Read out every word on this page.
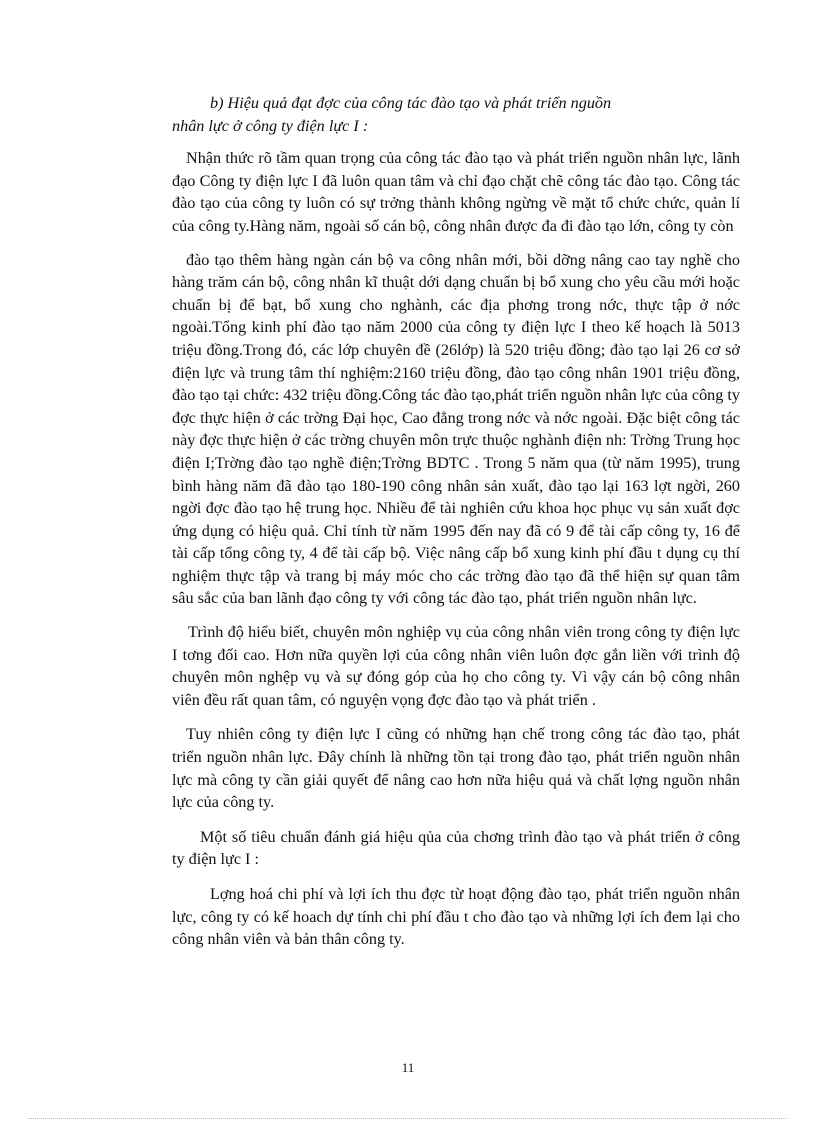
b) Hiệu quả đạt đợc của công tác đào tạo và phát triển nguồn
nhân lực ở công ty điện lực I :

Nhận thức rõ tầm quan trọng của công tác đào tạo và phát triển nguồn nhân lực, lãnh đạo Công ty điện lực I đã luôn quan tâm và chỉ đạo chặt chẽ công tác đào tạo. Công tác đào tạo của công ty luôn có sự trởng thành không ngừng về mặt tổ chức chức, quản lí của công ty.Hàng năm, ngoài số cán bộ, công nhân được đa đi đào tạo lớn, công ty còn

đào tạo thêm hàng ngàn cán bộ va công nhân mới, bồi dỡng nâng cao tay nghề cho hàng trăm cán bộ, công nhân kĩ thuật dới dạng chuẩn bị bổ xung cho yêu cầu mới hoặc chuẩn bị để bạt, bổ xung cho nghành, các địa phơng trong nớc, thực tập ở nớc ngoài.Tổng kinh phí đào tạo năm 2000 của công ty điện lực I theo kế hoạch là 5013 triệu đồng.Trong đó, các lớp chuyên đề (26lớp) là 520 triệu đồng; đào tạo lại 26 cơ sở điện lực và trung tâm thí nghiệm:2160 triệu đồng, đào tạo công nhân 1901 triệu đồng, đào tạo tại chức: 432 triệu đồng.Công tác đào tạo,phát triển nguồn nhân lực của công ty đợc thực hiện ở các trờng Đại học, Cao đẳng trong nớc và nớc ngoài. Đặc biệt công tác này đợc thực hiện ở các trờng chuyên môn trực thuộc nghành điện nh: Trờng Trung học điện I;Trờng đào tạo nghề điện;Trờng BDTC . Trong 5 năm qua (từ năm 1995), trung bình hàng năm đã đào tạo 180-190 công nhân sản xuất, đào tạo lại 163 lợt ngời, 260 ngời đợc đào tạo hệ trung học. Nhiều để tài nghiên cứu khoa học phục vụ sản xuất đợc ứng dụng có hiệu quả. Chỉ tính từ năm 1995 đến nay đã có 9 để tài cấp công ty, 16 để tài cấp tổng công ty, 4 để tài cấp bộ. Việc nâng cấp bổ xung kinh phí đầu t dụng cụ thí nghiệm thực tập và trang bị máy móc cho các trờng đào tạo đã thể hiện sự quan tâm sâu sắc của ban lãnh đạo công ty với công tác đào tạo, phát triển nguồn nhân lực.

Trình độ hiểu biết, chuyên môn nghiệp vụ của công nhân viên trong công ty điện lực I tơng đối cao. Hơn nữa quyền lợi của công nhân viên luôn đợc gắn liền với trình độ chuyên môn nghệp vụ và sự đóng góp của họ cho công ty. Vì vậy cán bộ công nhân viên đều rất quan tâm, có nguyện vọng đợc đào tạo và phát triển .

Tuy nhiên công ty điện lực I cũng có những hạn chế trong công tác đào tạo, phát triển nguồn nhân lực. Đây chính là những tồn tại trong đào tạo, phát triển nguồn nhân lực mà công ty cần giải quyết để nâng cao hơn nữa hiệu quả và chất lợng nguồn nhân lực của công ty.

Một số tiêu chuẩn đánh giá hiệu qủa của chơng trình đào tạo và phát triển ở công ty điện lực I :

Lợng hoá chi phí và lợi ích thu đợc từ hoạt động đào tạo, phát triển nguồn nhân lực, công ty có kế hoach dự tính chi phí đầu t cho đào tạo và những lợi ích đem lại cho công nhân viên và bản thân công ty.

11
